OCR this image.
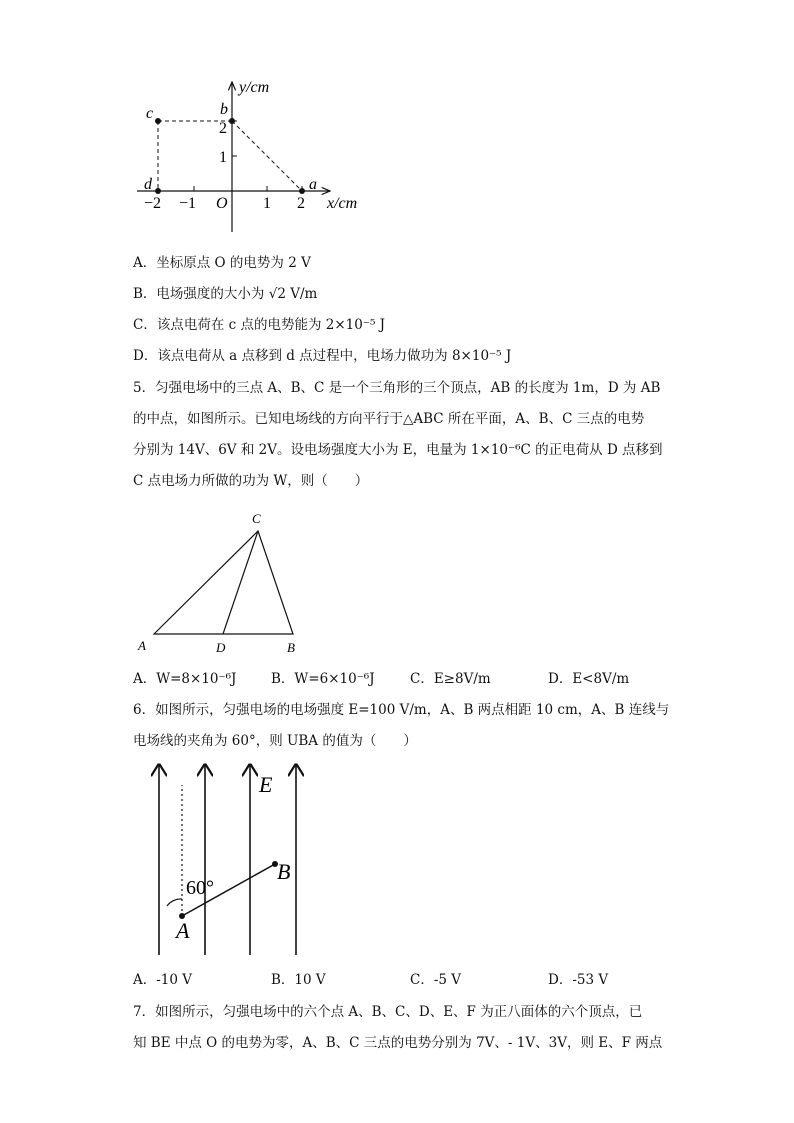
y/cm
x/cm
O
a
b
c
d
−2 −1	1 2
1
2
A．坐标原点 O 的电势为 2 V
B．电场强度的大小为 √2 V/m
C．该点电荷在 c 点的电势能为 2×10⁻⁵ J
D．该点电荷从 a 点移到 d 点过程中，电场力做功为 8×10⁻⁵ J
5．匀强电场中的三点 A、B、C 是一个三角形的三个顶点，AB 的长度为 1m，D 为 AB
的中点，如图所示。已知电场线的方向平行于△ABC 所在平面，A、B、C 三点的电势
分别为 14V、6V 和 2V。设电场强度大小为 E，电量为 1×10⁻⁶C 的正电荷从 D 点移到
C 点电场力所做的功为 W，则（　　）
A	B
C
D
A．W=8×10⁻⁶J	B．W=6×10⁻⁶J	C．E≥8V/m	D．E<8V/m
6．如图所示，匀强电场的电场强度 E=100 V/m，A、B 两点相距 10 cm，A、B 连线与
电场线的夹角为 60°，则 UBA 的值为（　　）
E
A
B
60°
A．-10 V	B．10 V	C．-5 V	D．-53 V
7．如图所示，匀强电场中的六个点 A、B、C、D、E、F 为正八面体的六个顶点，已
知 BE 中点 O 的电势为零，A、B、C 三点的电势分别为 7V、- 1V、3V，则 E、F 两点
